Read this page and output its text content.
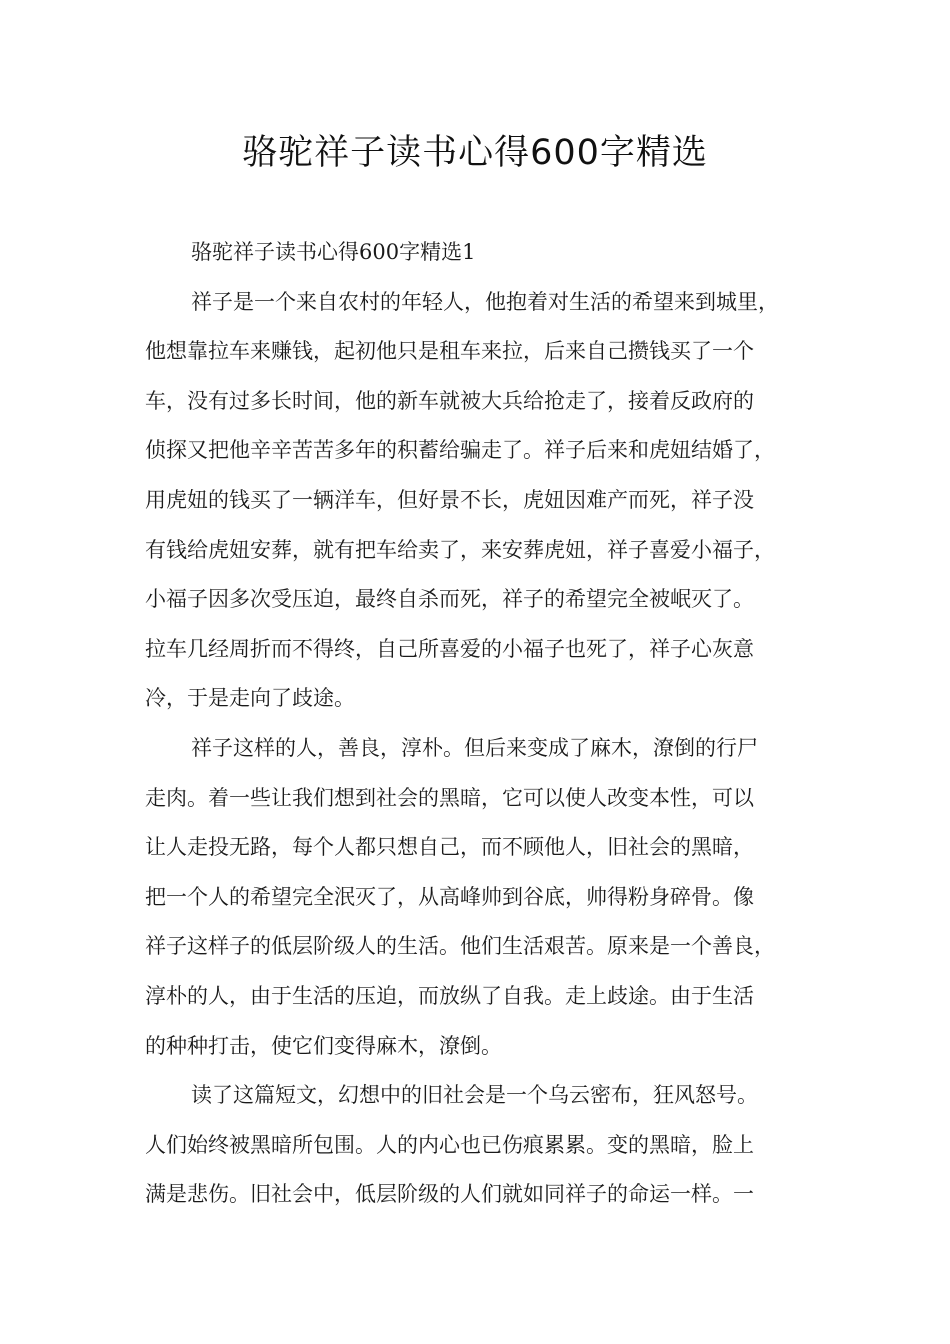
骆驼祥子读书心得600字精选

骆驼祥子读书心得600字精选1

祥子是一个来自农村的年轻人，他抱着对生活的希望来到城里，
他想靠拉车来赚钱，起初他只是租车来拉，后来自己攒钱买了一个
车，没有过多长时间，他的新车就被大兵给抢走了，接着反政府的
侦探又把他辛辛苦苦多年的积蓄给骗走了。祥子后来和虎妞结婚了，
用虎妞的钱买了一辆洋车，但好景不长，虎妞因难产而死，祥子没
有钱给虎妞安葬，就有把车给卖了，来安葬虎妞，祥子喜爱小福子，
小福子因多次受压迫，最终自杀而死，祥子的希望完全被岷灭了。
拉车几经周折而不得终，自己所喜爱的小福子也死了，祥子心灰意
冷，于是走向了歧途。

祥子这样的人，善良，淳朴。但后来变成了麻木，潦倒的行尸
走肉。着一些让我们想到社会的黑暗，它可以使人改变本性，可以
让人走投无路，每个人都只想自己，而不顾他人，旧社会的黑暗，
把一个人的希望完全泯灭了，从高峰帅到谷底，帅得粉身碎骨。像
祥子这样子的低层阶级人的生活。他们生活艰苦。原来是一个善良，
淳朴的人，由于生活的压迫，而放纵了自我。走上歧途。由于生活
的种种打击，使它们变得麻木，潦倒。

读了这篇短文，幻想中的旧社会是一个乌云密布，狂风怒号。
人们始终被黑暗所包围。人的内心也已伤痕累累。变的黑暗，脸上
满是悲伤。旧社会中，低层阶级的人们就如同祥子的命运一样。一
